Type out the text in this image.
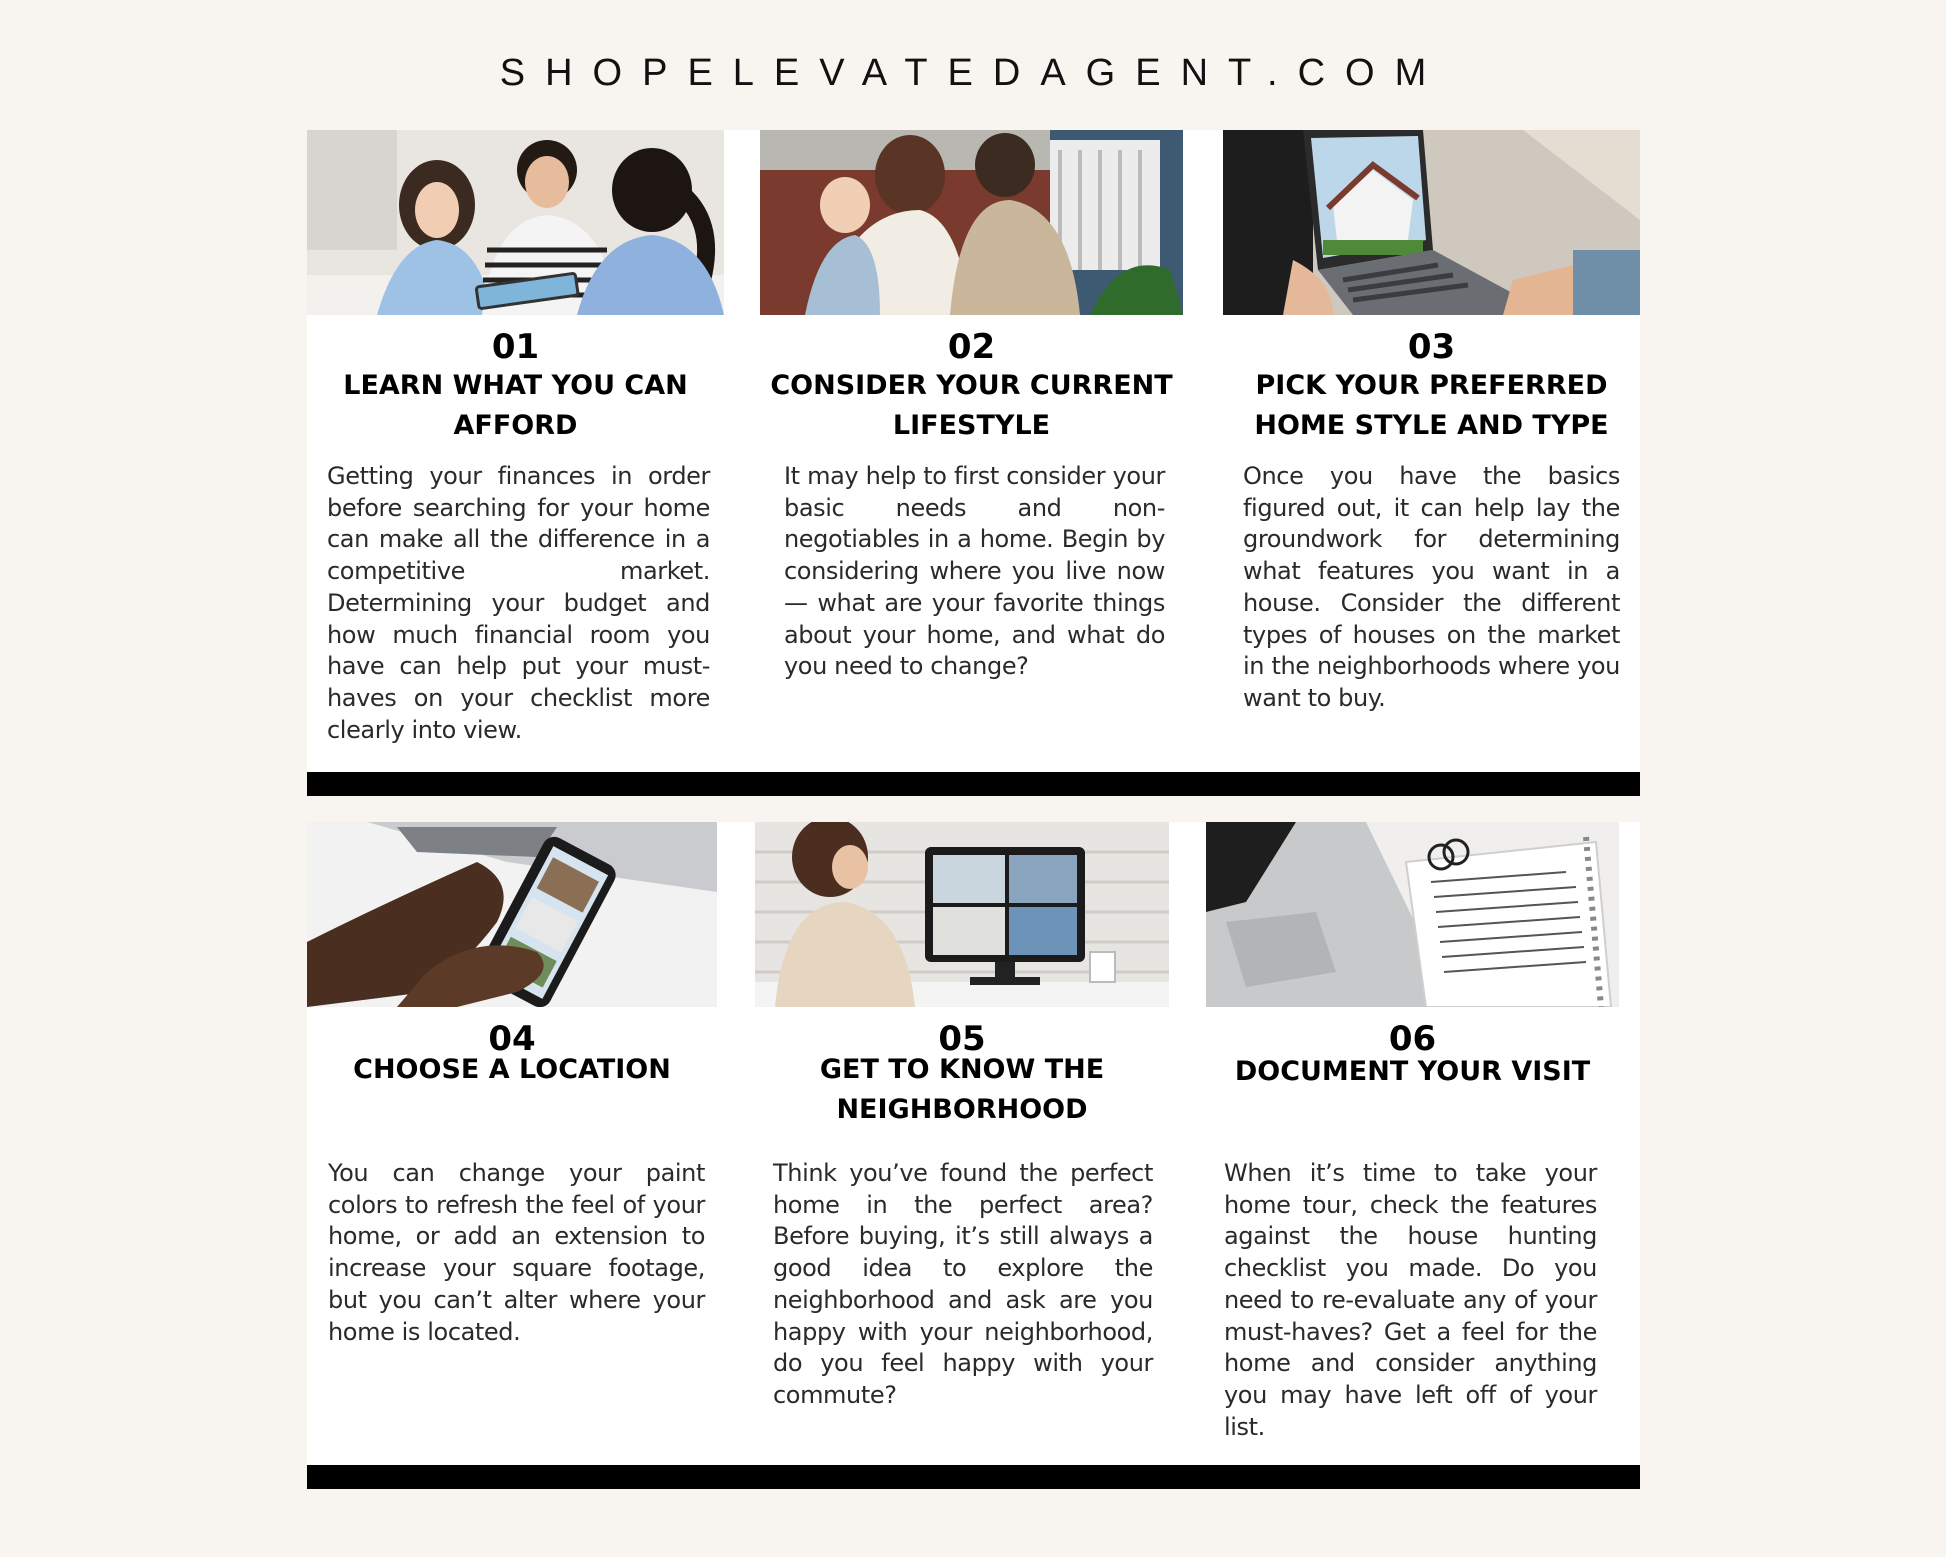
SHOPELEVATEDAGENT.COM
01
LEARN WHAT YOU CAN AFFORD
Getting your finances in order before searching for your home can make all the difference in a competitive market. Determining your budget and how much financial room you have can help put your must-haves on your checklist more clearly into view.
02
CONSIDER YOUR CURRENT LIFESTYLE
It may help to first consider your basic needs and non-negotiables in a home. Begin by considering where you live now — what are your favorite things about your home, and what do you need to change?
03
PICK YOUR PREFERRED HOME STYLE AND TYPE
Once you have the basics figured out, it can help lay the groundwork for determining what features you want in a house. Consider the different types of houses on the market in the neighborhoods where you want to buy.
04
CHOOSE A LOCATION
You can change your paint colors to refresh the feel of your home, or add an extension to increase your square footage, but you can’t alter where your home is located.
05
GET TO KNOW THE NEIGHBORHOOD
Think you’ve found the perfect home in the perfect area? Before buying, it’s still always a good idea to explore the neighborhood and ask are you happy with your neighborhood, do you feel happy with your commute?
06
DOCUMENT YOUR VISIT
When it’s time to take your home tour, check the features against the house hunting checklist you made. Do you need to re-evaluate any of your must-haves? Get a feel for the home and consider anything you may have left off of your list.
